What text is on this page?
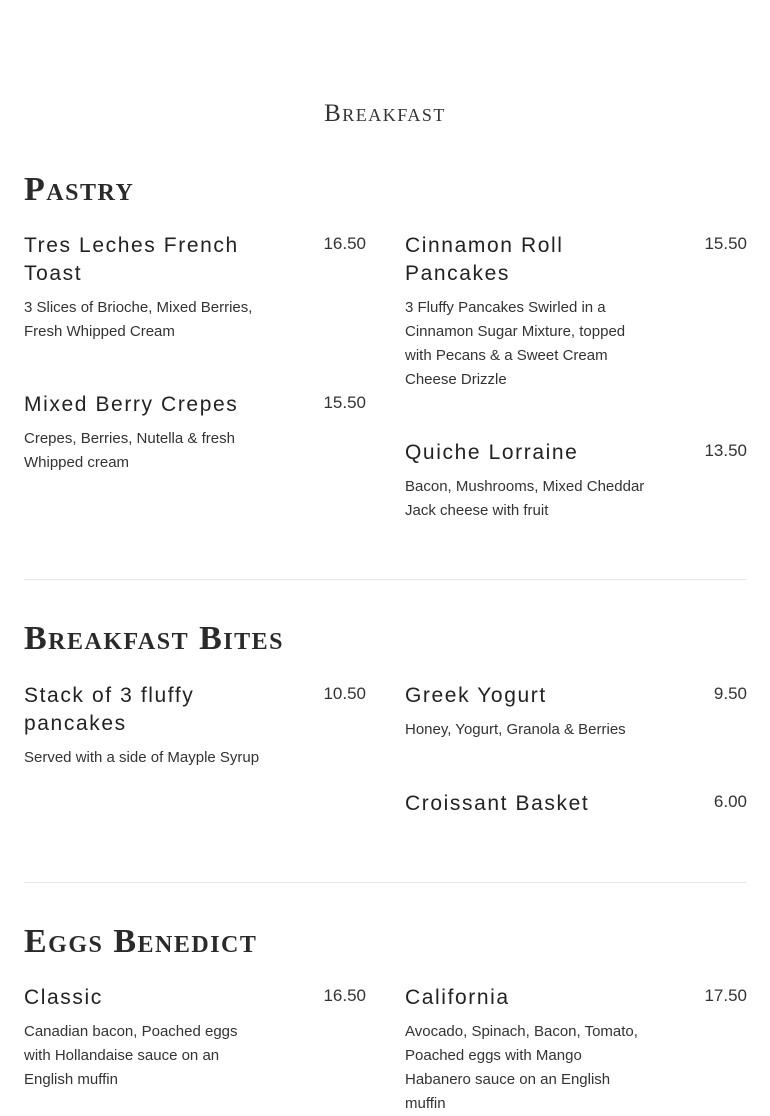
Breakfast
Pastry
Tres Leches French Toast
16.50
3 Slices of Brioche, Mixed Berries, Fresh Whipped Cream
Cinnamon Roll Pancakes
15.50
3 Fluffy Pancakes Swirled in a Cinnamon Sugar Mixture, topped with Pecans & a Sweet Cream Cheese Drizzle
Mixed Berry Crepes	15.50
Crepes, Berries, Nutella & fresh Whipped cream	Quiche Lorraine	13.50
Bacon, Mushrooms, Mixed Cheddar Jack cheese with fruit
Breakfast Bites
Stack of 3 fluffy pancakes
10.50
Served with a side of Mayple Syrup
Greek Yogurt	9.50
Honey, Yogurt, Granola & Berries
Croissant Basket	6.00
Eggs Benedict
Classic	16.50
Canadian bacon, Poached eggs with Hollandaise sauce on an English muffin
California	17.50
Avocado, Spinach, Bacon, Tomato, Poached eggs with Mango Habanero sauce on an English muffin
